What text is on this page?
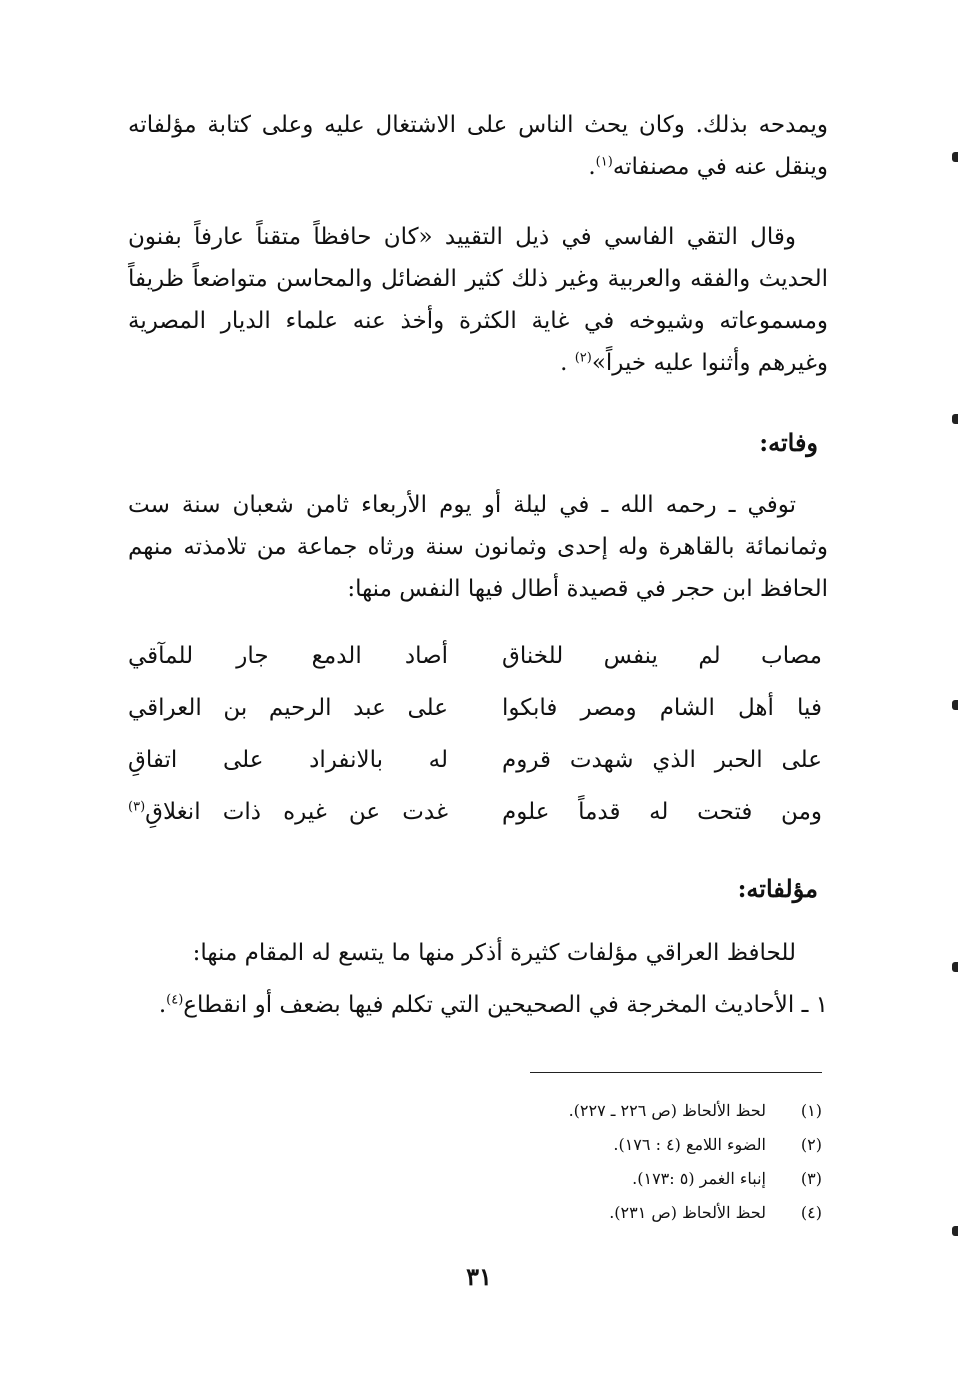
ويمدحه بذلك. وكان يحث الناس على الاشتغال عليه وعلى كتابة مؤلفاته وينقل عنه في مصنفاته$^{(١)}$.

وقال التقي الفاسي في ذيل التقييد «كان حافظاً متقناً عارفاً بفنون الحديث والفقه والعربية وغير ذلك كثير الفضائل والمحاسن متواضعاً ظريفاً ومسموعاته وشيوخه في غاية الكثرة وأخذ عنه علماء الديار المصرية وغيرهم وأثنوا عليه خيراً»$^{(٢)}$ .

وفاته:

توفي ـ رحمه الله ـ في ليلة أو يوم الأربعاء ثامن شعبان سنة ست وثمانمائة بالقاهرة وله إحدى وثمانون سنة ورثاه جماعة من تلامذته منهم الحافظ ابن حجر في قصيدة أطال فيها النفس منها:

مصاب لم ينفس للخناق
أصاد الدمع جار للمآقي
فيا أهل الشام ومصر فابكوا
على عبد الرحيم بن العراقي
على الحبر الذي شهدت قروم
له بالانفراد على اتفاقِ
ومن فتحت له قدماً علوم
غدت عن غيره ذات انغلاقِ$^{(٣)}$
مؤلفاته:

للحافظ العراقي مؤلفات كثيرة أذكر منها ما يتسع له المقام منها:

١ ـ الأحاديث المخرجة في الصحيحين التي تكلم فيها بضعف أو انقطاع$^{(٤)}$.

(١)
لحظ الألحاظ (ص ٢٢٦ ـ ٢٢٧).
(٢)
الضوء اللامع (٤ : ١٧٦).
(٣)
إنباء الغمر (٥ :١٧٣).
(٤)
لحظ الألحاظ (ص ٢٣١).
٣١
